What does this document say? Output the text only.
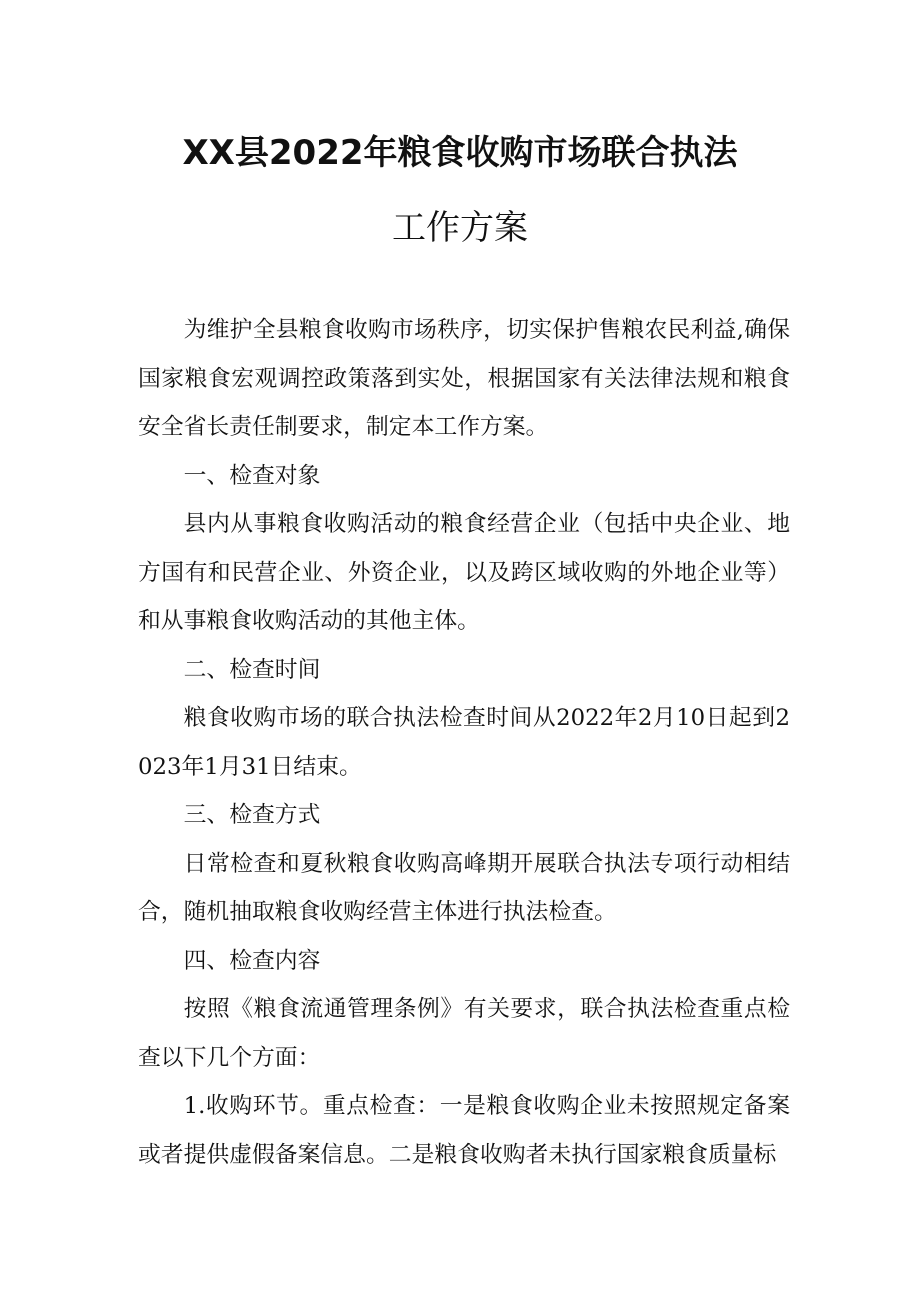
XX县2022年粮食收购市场联合执法
工作方案

为维护全县粮食收购市场秩序，切实保护售粮农民利益,确保国家粮食宏观调控政策落到实处，根据国家有关法律法规和粮食安全省长责任制要求，制定本工作方案。

一、检查对象

县内从事粮食收购活动的粮食经营企业（包括中央企业、地方国有和民营企业、外资企业，以及跨区域收购的外地企业等）和从事粮食收购活动的其他主体。

二、检查时间

粮食收购市场的联合执法检查时间从2022年2月10日起到2023年1月31日结束。

三、检查方式

日常检查和夏秋粮食收购高峰期开展联合执法专项行动相结合，随机抽取粮食收购经营主体进行执法检查。

四、检查内容

按照《粮食流通管理条例》有关要求，联合执法检查重点检查以下几个方面：

1.收购环节。重点检查：一是粮食收购企业未按照规定备案或者提供虚假备案信息。二是粮食收购者未执行国家粮食质量标
